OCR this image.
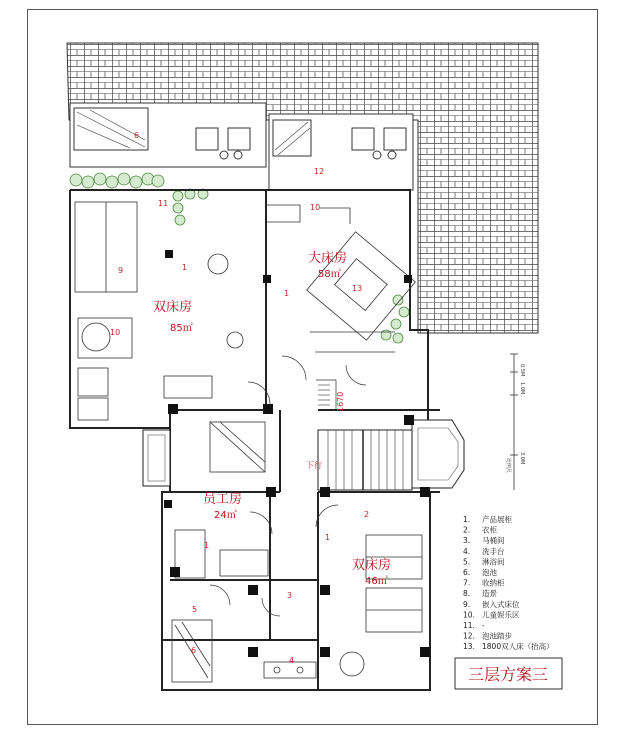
0.5M
1.0M
3.0M
比例尺
6
12
11	10
9	1
1
13
10
1
2
1
3
5
6
4
大床房
58㎡
双床房
85㎡
员工房
24㎡
双床房
46㎡
下行
1670
1. 产品展柜
2. 衣柜
3. 马桶间
4. 洗手台
5. 淋浴间
6. 泡池
7. 收纳柜
8. 造景
9. 嵌入式床位
10. 儿童娱乐区
11. -
12. 泡池踏步
13. 1800双人床（抬高）
三层方案三
